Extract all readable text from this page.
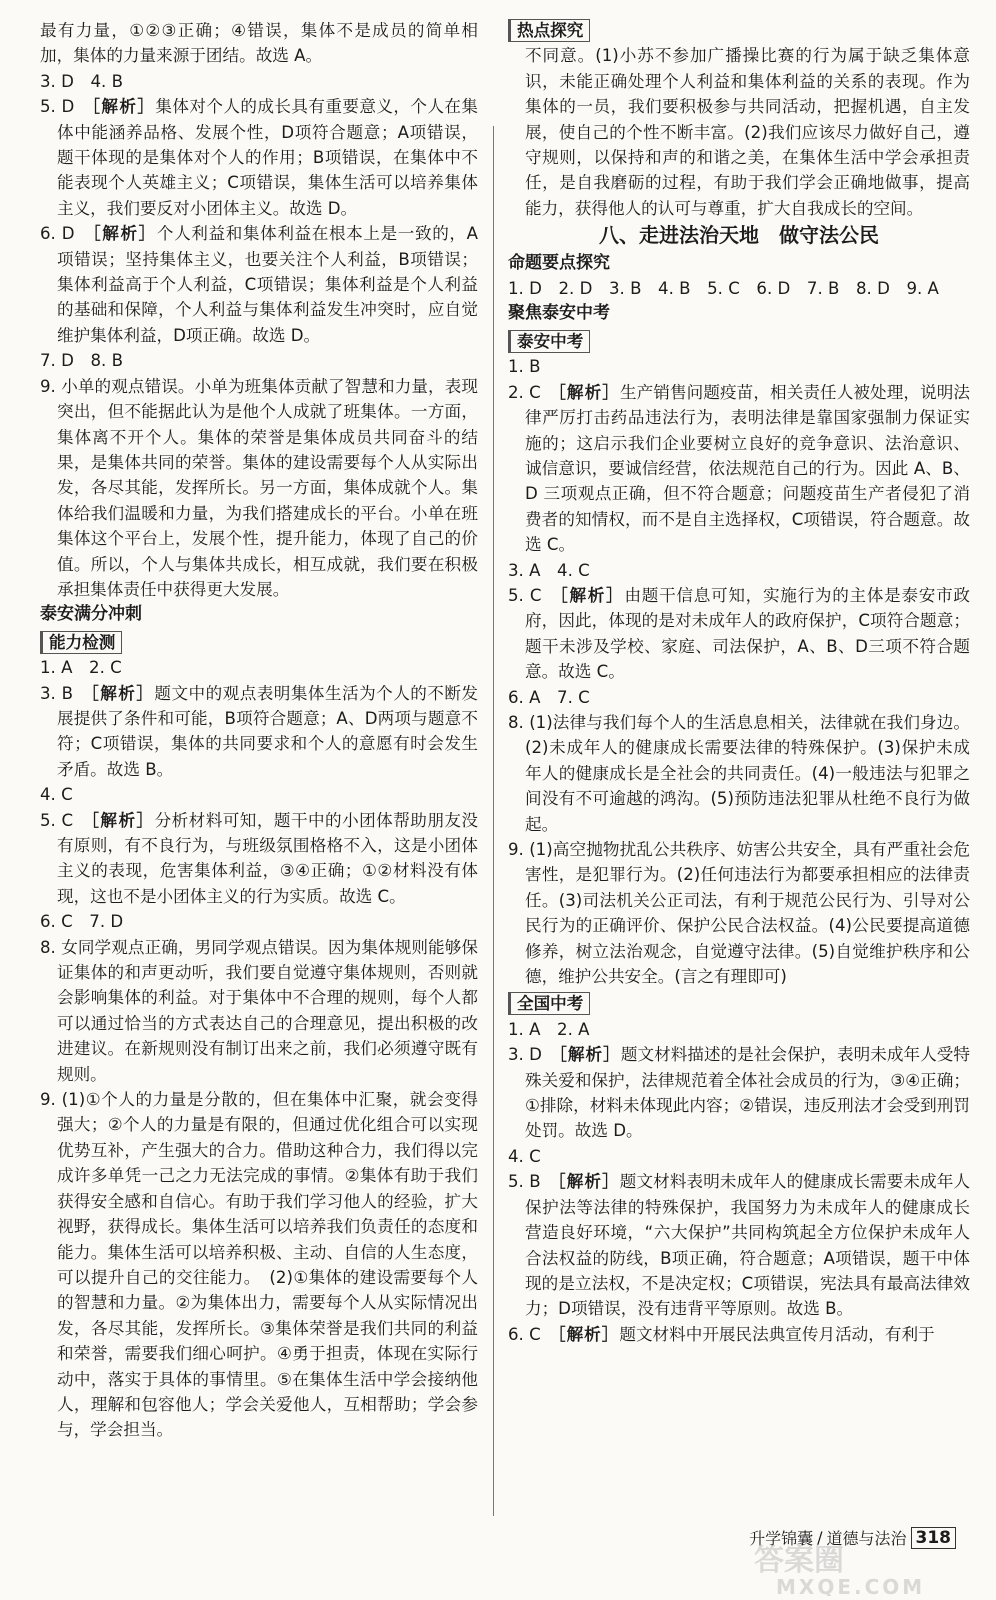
最有力量，①②③正确；④错误，集体不是成员的简单相加，集体的力量来源于团结。故选 A。

3. D　4. B

5. D　 ［解析］集体对个人的成长具有重要意义，个人在集体中能涵养品格、发展个性，D项符合题意；A项错误，题干体现的是集体对个人的作用；B项错误，在集体中不能表现个人英雄主义；C项错误，集体生活可以培养集体主义，我们要反对小团体主义。故选 D。

6. D　 ［解析］个人利益和集体利益在根本上是一致的，A项错误；坚持集体主义，也要关注个人利益，B项错误；集体利益高于个人利益，C项错误；集体利益是个人利益的基础和保障，个人利益与集体利益发生冲突时，应自觉维护集体利益，D项正确。故选 D。

7. D　8. B

9. 小单的观点错误。小单为班集体贡献了智慧和力量，表现突出，但不能据此认为是他个人成就了班集体。一方面，集体离不开个人。集体的荣誉是集体成员共同奋斗的结果，是集体共同的荣誉。集体的建设需要每个人从实际出发，各尽其能，发挥所长。另一方面，集体成就个人。集体给我们温暖和力量，为我们搭建成长的平台。小单在班集体这个平台上，发展个性，提升能力，体现了自己的价值。所以，个人与集体共成长，相互成就，我们要在积极承担集体责任中获得更大发展。

泰安满分冲刺

能力检测

1. A　2. C

3. B　 ［解析］题文中的观点表明集体生活为个人的不断发展提供了条件和可能，B项符合题意；A、D两项与题意不符；C项错误，集体的共同要求和个人的意愿有时会发生矛盾。故选 B。

4. C

5. C　 ［解析］分析材料可知，题干中的小团体帮助朋友没有原则，有不良行为，与班级氛围格格不入，这是小团体主义的表现，危害集体利益，③④正确；①②材料没有体现，这也不是小团体主义的行为实质。故选 C。

6. C　7. D

8. 女同学观点正确，男同学观点错误。因为集体规则能够保证集体的和声更动听，我们要自觉遵守集体规则，否则就会影响集体的利益。对于集体中不合理的规则，每个人都可以通过恰当的方式表达自己的合理意见，提出积极的改进建议。在新规则没有制订出来之前，我们必须遵守既有规则。

9. (1)①个人的力量是分散的，但在集体中汇聚，就会变得强大；②个人的力量是有限的，但通过优化组合可以实现优势互补，产生强大的合力。借助这种合力，我们得以完成许多单凭一己之力无法完成的事情。②集体有助于我们获得安全感和自信心。有助于我们学习他人的经验，扩大视野，获得成长。集体生活可以培养我们负责任的态度和能力。集体生活可以培养积极、主动、自信的人生态度，可以提升自己的交往能力。　(2)①集体的建设需要每个人的智慧和力量。②为集体出力，需要每个人从实际情况出发，各尽其能，发挥所长。③集体荣誉是我们共同的利益和荣誉，需要我们细心呵护。④勇于担责，体现在实际行动中，落实于具体的事情里。⑤在集体生活中学会接纳他人，理解和包容他人；学会关爱他人，互相帮助；学会参与，学会担当。

热点探究

不同意。(1)小苏不参加广播操比赛的行为属于缺乏集体意识，未能正确处理个人利益和集体利益的关系的表现。作为集体的一员，我们要积极参与共同活动，把握机遇，自主发展，使自己的个性不断丰富。(2)我们应该尽力做好自己，遵守规则，以保持和声的和谐之美，在集体生活中学会承担责任，是自我磨砺的过程，有助于我们学会正确地做事，提高能力，获得他人的认可与尊重，扩大自我成长的空间。

八、走进法治天地　做守法公民

命题要点探究

1. D　2. D　3. B　4. B　5. C　6. D　7. B　8. D　9. A

聚焦泰安中考

泰安中考

1. B

2. C　 ［解析］生产销售问题疫苗，相关责任人被处理，说明法律严厉打击药品违法行为，表明法律是靠国家强制力保证实施的；这启示我们企业要树立良好的竞争意识、法治意识、诚信意识，要诚信经营，依法规范自己的行为。因此 A、B、D 三项观点正确，但不符合题意；问题疫苗生产者侵犯了消费者的知情权，而不是自主选择权，C项错误，符合题意。故选 C。

3. A　4. C

5. C　 ［解析］由题干信息可知，实施行为的主体是泰安市政府，因此，体现的是对未成年人的政府保护，C项符合题意；题干未涉及学校、家庭、司法保护，A、B、D三项不符合题意。故选 C。

6. A　7. C

8. (1)法律与我们每个人的生活息息相关，法律就在我们身边。(2)未成年人的健康成长需要法律的特殊保护。(3)保护未成年人的健康成长是全社会的共同责任。(4)一般违法与犯罪之间没有不可逾越的鸿沟。(5)预防违法犯罪从杜绝不良行为做起。

9. (1)高空抛物扰乱公共秩序、妨害公共安全，具有严重社会危害性，是犯罪行为。(2)任何违法行为都要承担相应的法律责任。(3)司法机关公正司法，有利于规范公民行为、引导对公民行为的正确评价、保护公民合法权益。(4)公民要提高道德修养，树立法治观念，自觉遵守法律。(5)自觉维护秩序和公德，维护公共安全。(言之有理即可)

全国中考

1. A　2. A

3. D　 ［解析］题文材料描述的是社会保护，表明未成年人受特殊关爱和保护，法律规范着全体社会成员的行为，③④正确；①排除，材料未体现此内容；②错误，违反刑法才会受到刑罚处罚。故选 D。

4. C

5. B　 ［解析］题文材料表明未成年人的健康成长需要未成年人保护法等法律的特殊保护，我国努力为未成年人的健康成长营造良好环境，“六大保护”共同构筑起全方位保护未成年人合法权益的防线，B项正确，符合题意；A项错误，题干中体现的是立法权，不是决定权；C项错误，宪法具有最高法律效力；D项错误，没有违背平等原则。故选 B。

6. C　 ［解析］题文材料中开展民法典宣传月活动，有利于

升学锦囊 / 道德与法治 318
答案圈
MXQE.COM
